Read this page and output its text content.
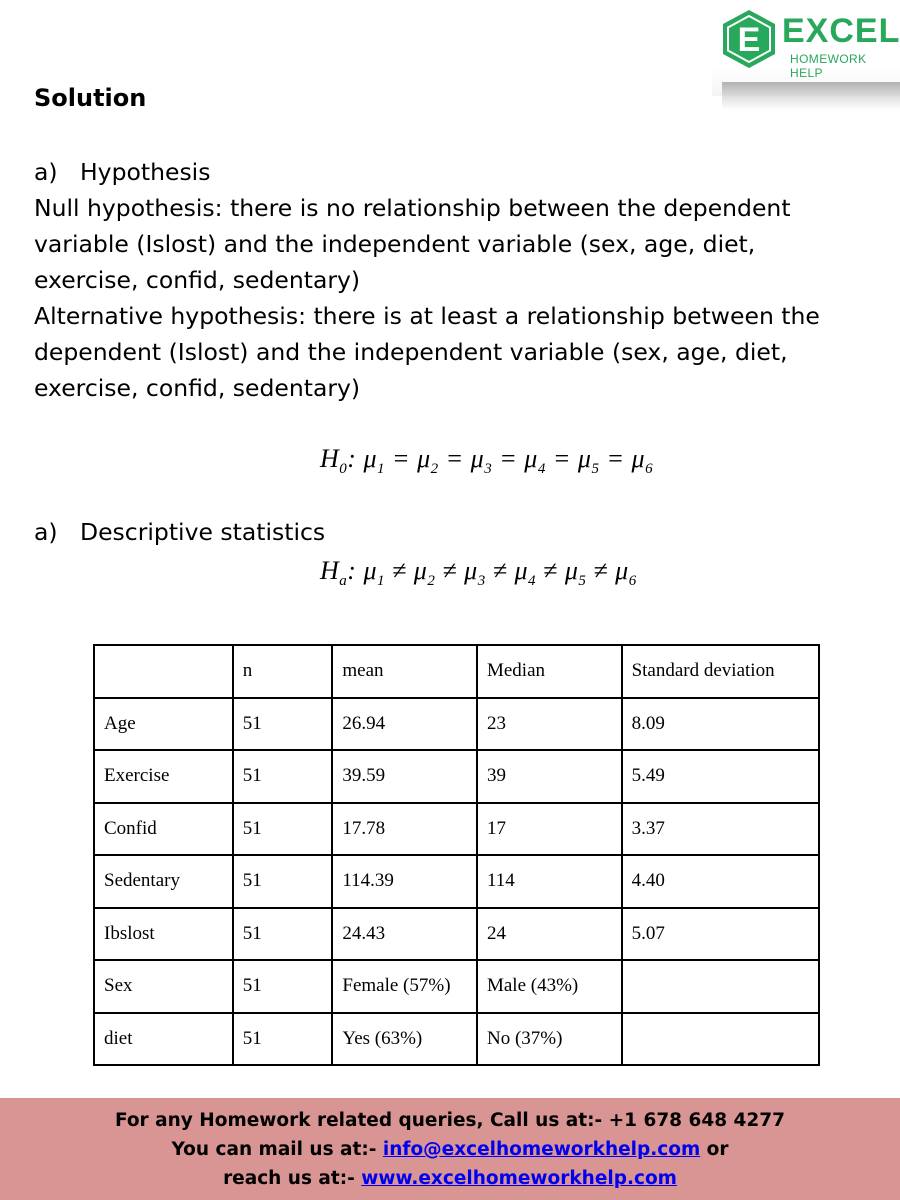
E EXCEL
HOMEWORK HELP
Solution
a) Hypothesis
Null hypothesis: there is no relationship between the dependent
variable (Islost) and the independent variable (sex, age, diet,
exercise, confid, sedentary)
Alternative hypothesis: there is at least a relationship between the
dependent (Islost) and the independent variable (sex, age, diet,
exercise, confid, sedentary)
$H_0$: $\mu_1 = \mu_2 = \mu_3 = \mu_4 = \mu_5 = \mu_6$
a) Descriptive statistics
$H_a$: $\mu_1 \ne \mu_2 \ne \mu_3 \ne \mu_4 \ne \mu_5 \ne \mu_6$
	n	mean	Median	Standard deviation
Age	51	26.94	23	8.09
Exercise	51	39.59	39	5.49
Confid	51	17.78	17	3.37
Sedentary	51	114.39	114	4.40
Ibslost	51	24.43	24	5.07
Sex	51	Female (57%)	Male (43%)	
diet	51	Yes (63%)	No (37%)	
For any Homework related queries, Call us at:- +1 678 648 4277
You can mail us at:- info@excelhomeworkhelp.com or
reach us at:- www.excelhomeworkhelp.com
